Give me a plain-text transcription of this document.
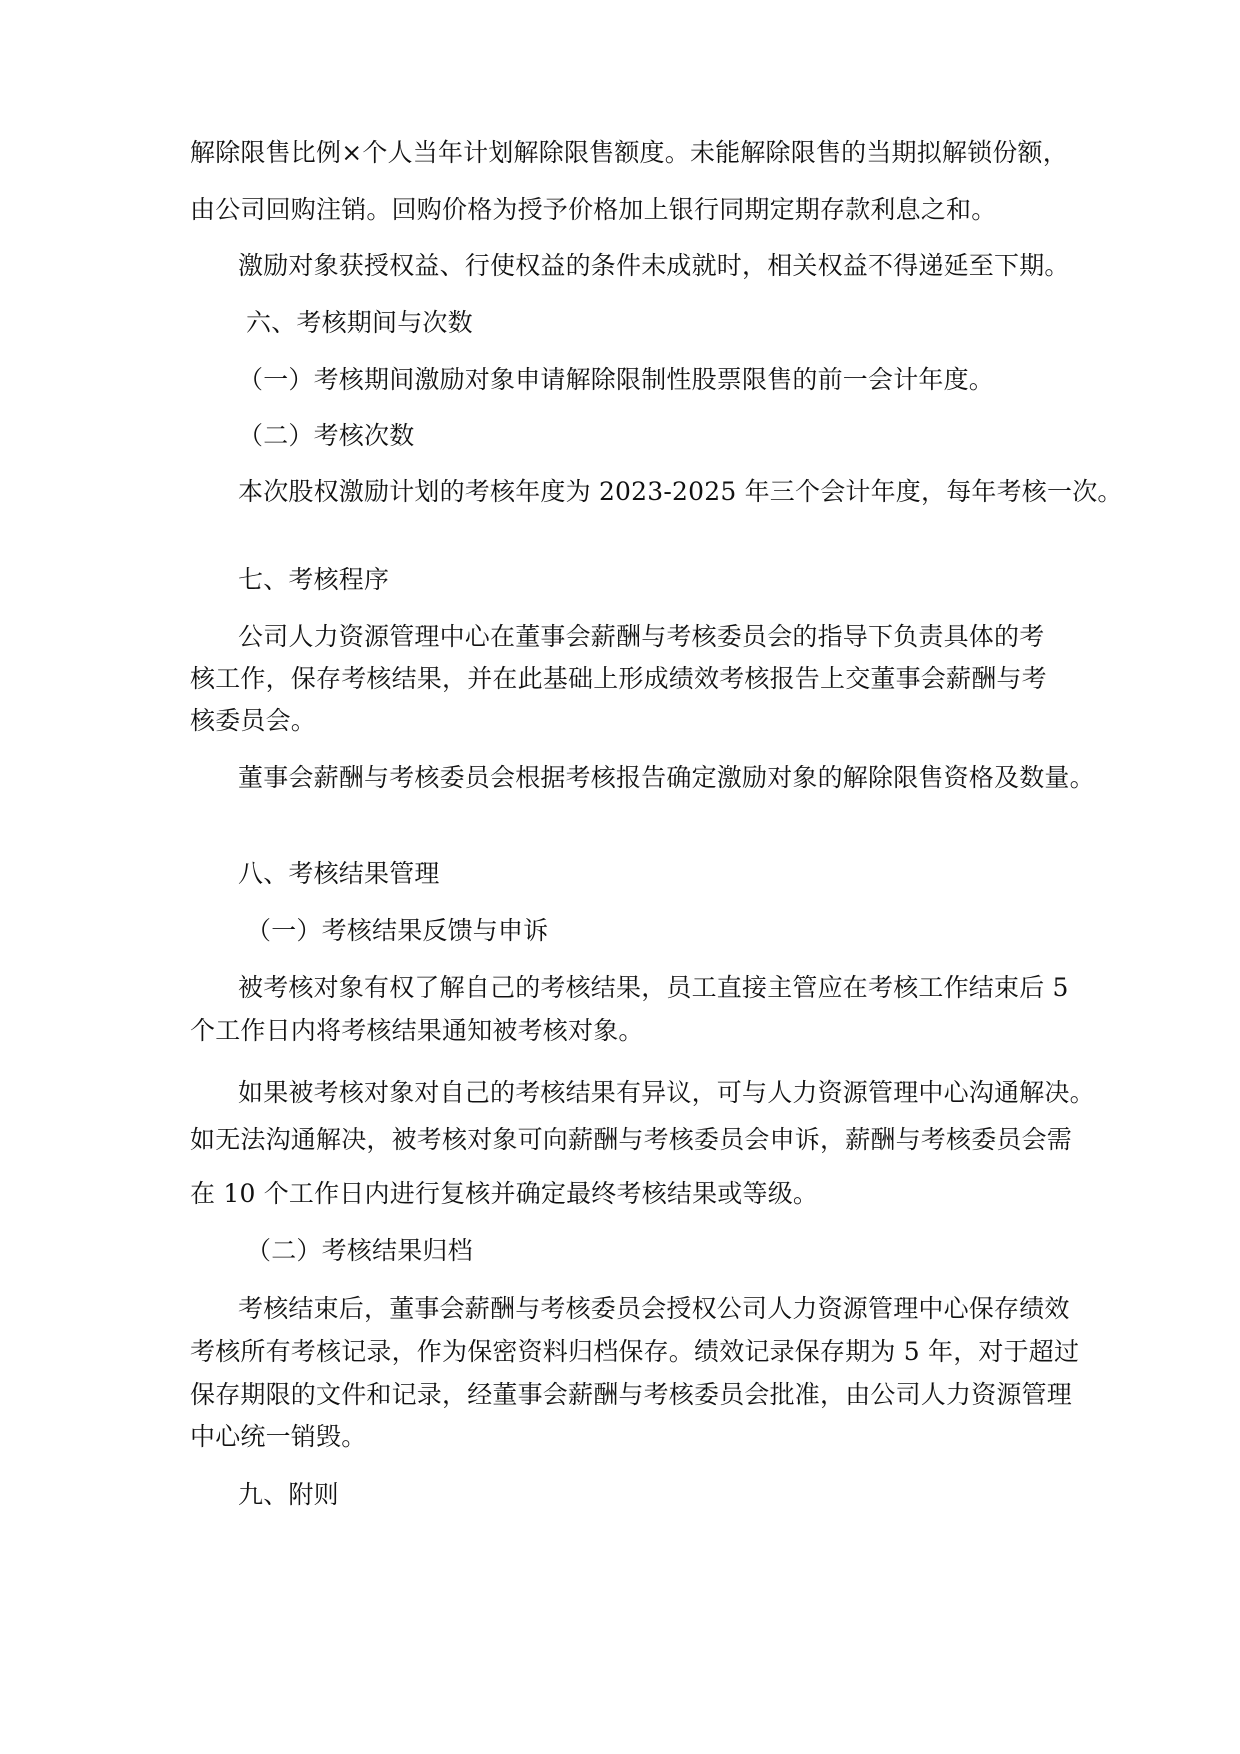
解除限售比例×个人当年计划解除限售额度。未能解除限售的当期拟解锁份额，
由公司回购注销。回购价格为授予价格加上银行同期定期存款利息之和。
激励对象获授权益、行使权益的条件未成就时，相关权益不得递延至下期。
六、考核期间与次数
（一）考核期间激励对象申请解除限制性股票限售的前一会计年度。
（二）考核次数
本次股权激励计划的考核年度为 2023-2025 年三个会计年度，每年考核一次。
七、考核程序
公司人力资源管理中心在董事会薪酬与考核委员会的指导下负责具体的考
核工作，保存考核结果，并在此基础上形成绩效考核报告上交董事会薪酬与考
核委员会。
董事会薪酬与考核委员会根据考核报告确定激励对象的解除限售资格及数量。
八、考核结果管理
（一）考核结果反馈与申诉
被考核对象有权了解自己的考核结果，员工直接主管应在考核工作结束后 5
个工作日内将考核结果通知被考核对象。
如果被考核对象对自己的考核结果有异议，可与人力资源管理中心沟通解决。
如无法沟通解决，被考核对象可向薪酬与考核委员会申诉，薪酬与考核委员会需
在 10 个工作日内进行复核并确定最终考核结果或等级。
（二）考核结果归档
考核结束后，董事会薪酬与考核委员会授权公司人力资源管理中心保存绩效
考核所有考核记录，作为保密资料归档保存。绩效记录保存期为 5 年，对于超过
保存期限的文件和记录，经董事会薪酬与考核委员会批准，由公司人力资源管理
中心统一销毁。
九、附则
